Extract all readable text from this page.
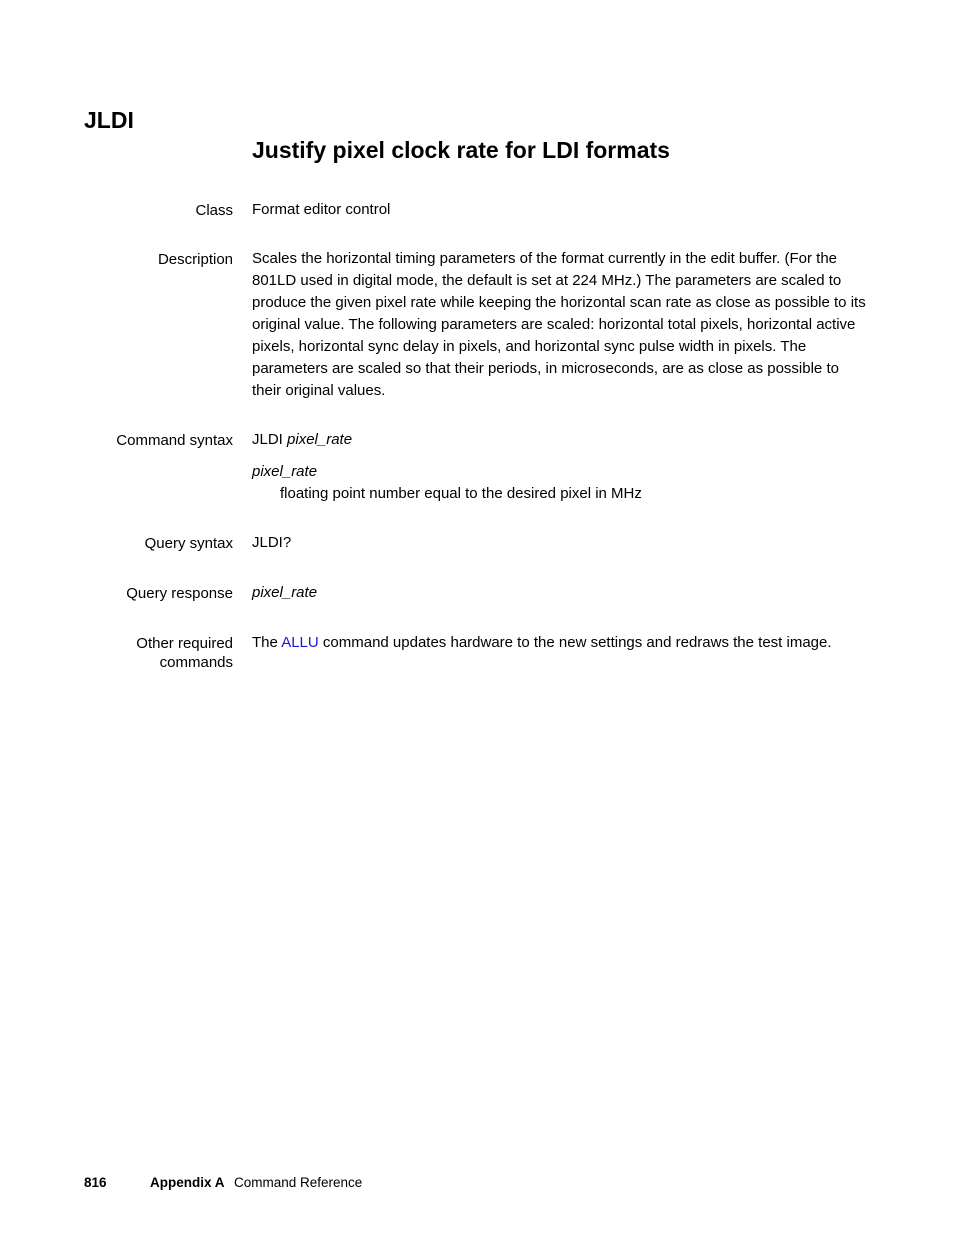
JLDI
Justify pixel clock rate for LDI formats
Class Format editor control
Description Scales the horizontal timing parameters of the format currently in the edit buffer. (For the 801LD used in digital mode, the default is set at 224 MHz.) The parameters are scaled to produce the given pixel rate while keeping the horizontal scan rate as close as possible to its original value. The following parameters are scaled: horizontal total pixels, horizontal active pixels, horizontal sync delay in pixels, and horizontal sync pulse width in pixels. The parameters are scaled so that their periods, in microseconds, are as close as possible to their original values.
Command syntax JLDI pixel_rate
pixel_rate
floating point number equal to the desired pixel in MHz
Query syntax JLDI?
Query response pixel_rate
Other required
commands
The ALLU command updates hardware to the new settings and redraws the test image.
816	Appendix A Command Reference
